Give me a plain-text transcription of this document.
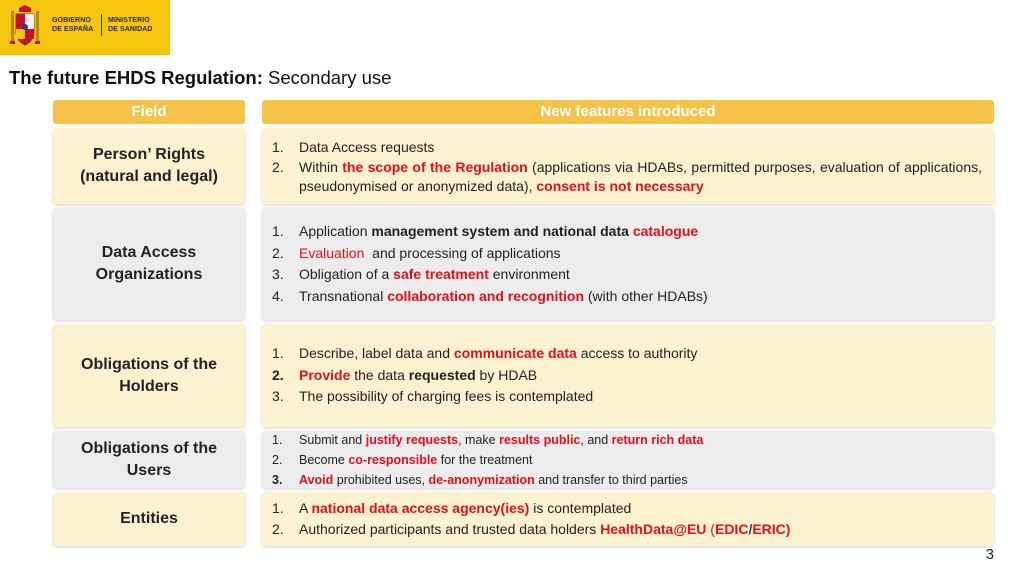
GOBIERNO
DE ESPAÑA
MINISTERIO
DE SANIDAD
The future EHDS Regulation: Secondary use
Field	New features introduced
Person’ Rights
(natural and legal)
1. Data Access requests
2. Within the scope of the Regulation (applications via HDABs, permitted purposes, evaluation of applications, pseudonymised or anonymized data), consent is not necessary
Data Access
Organizations
1. Application management system and national data catalogue
2. Evaluation  and processing of applications
3. Obligation of a safe treatment environment
4. Transnational collaboration and recognition (with other HDABs)
Obligations of the
Holders
1. Describe, label data and communicate data access to authority
2. Provide the data requested by HDAB
3. The possibility of charging fees is contemplated
Obligations of the
Users
1. Submit and justify requests, make results public, and return rich data
2. Become co-responsible for the treatment
3. Avoid prohibited uses, de-anonymization and transfer to third parties
Entities
1. A national data access agency(ies) is contemplated
2. Authorized participants and trusted data holders HealthData@EU (EDIC/ERIC)
3
